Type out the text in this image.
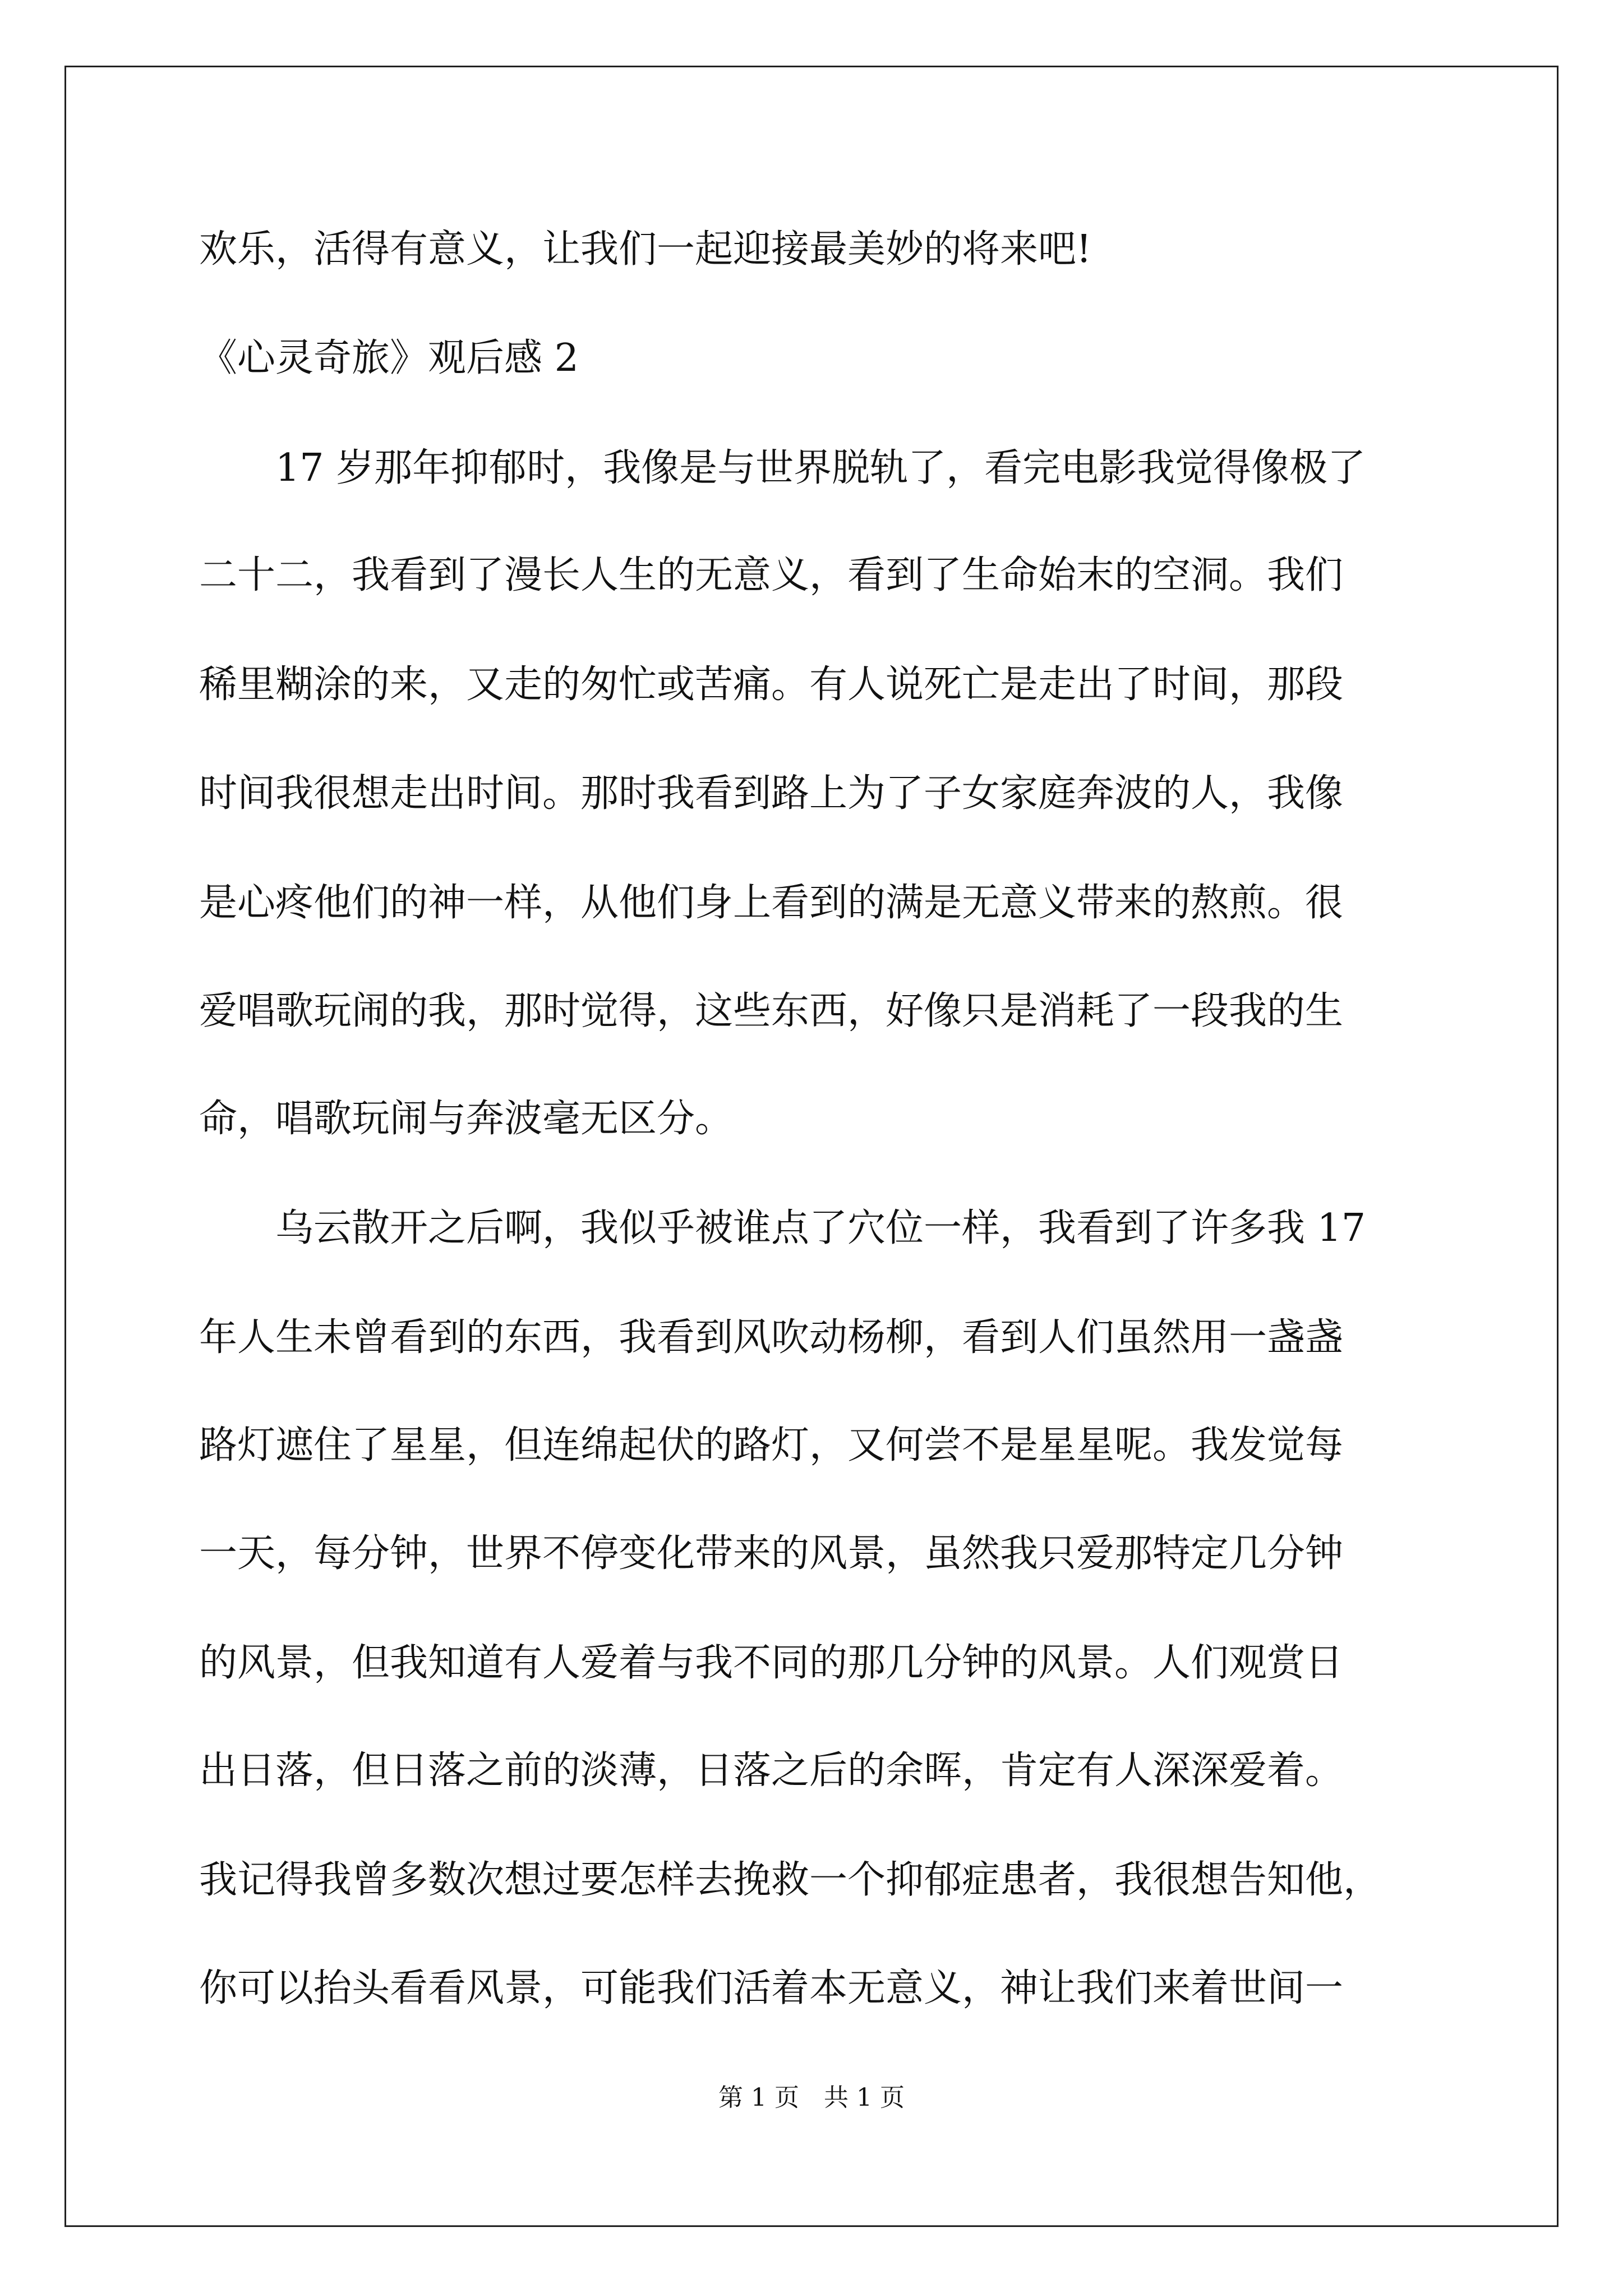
欢乐，活得有意义，让我们一起迎接最美妙的将来吧!
《心灵奇旅》观后感 2
　　17 岁那年抑郁时，我像是与世界脱轨了，看完电影我觉得像极了
二十二，我看到了漫长人生的无意义，看到了生命始末的空洞。我们
稀里糊涂的来，又走的匆忙或苦痛。有人说死亡是走出了时间，那段
时间我很想走出时间。那时我看到路上为了子女家庭奔波的人，我像
是心疼他们的神一样，从他们身上看到的满是无意义带来的熬煎。很
爱唱歌玩闹的我，那时觉得，这些东西，好像只是消耗了一段我的生
命，唱歌玩闹与奔波毫无区分。
　　乌云散开之后啊，我似乎被谁点了穴位一样，我看到了许多我 17
年人生未曾看到的东西，我看到风吹动杨柳，看到人们虽然用一盏盏
路灯遮住了星星，但连绵起伏的路灯，又何尝不是星星呢。我发觉每
一天，每分钟，世界不停变化带来的风景，虽然我只爱那特定几分钟
的风景，但我知道有人爱着与我不同的那几分钟的风景。人们观赏日
出日落，但日落之前的淡薄，日落之后的余晖，肯定有人深深爱着。
我记得我曾多数次想过要怎样去挽救一个抑郁症患者，我很想告知他，
你可以抬头看看风景，可能我们活着本无意义，神让我们来着世间一
第 1 页　共 1 页
